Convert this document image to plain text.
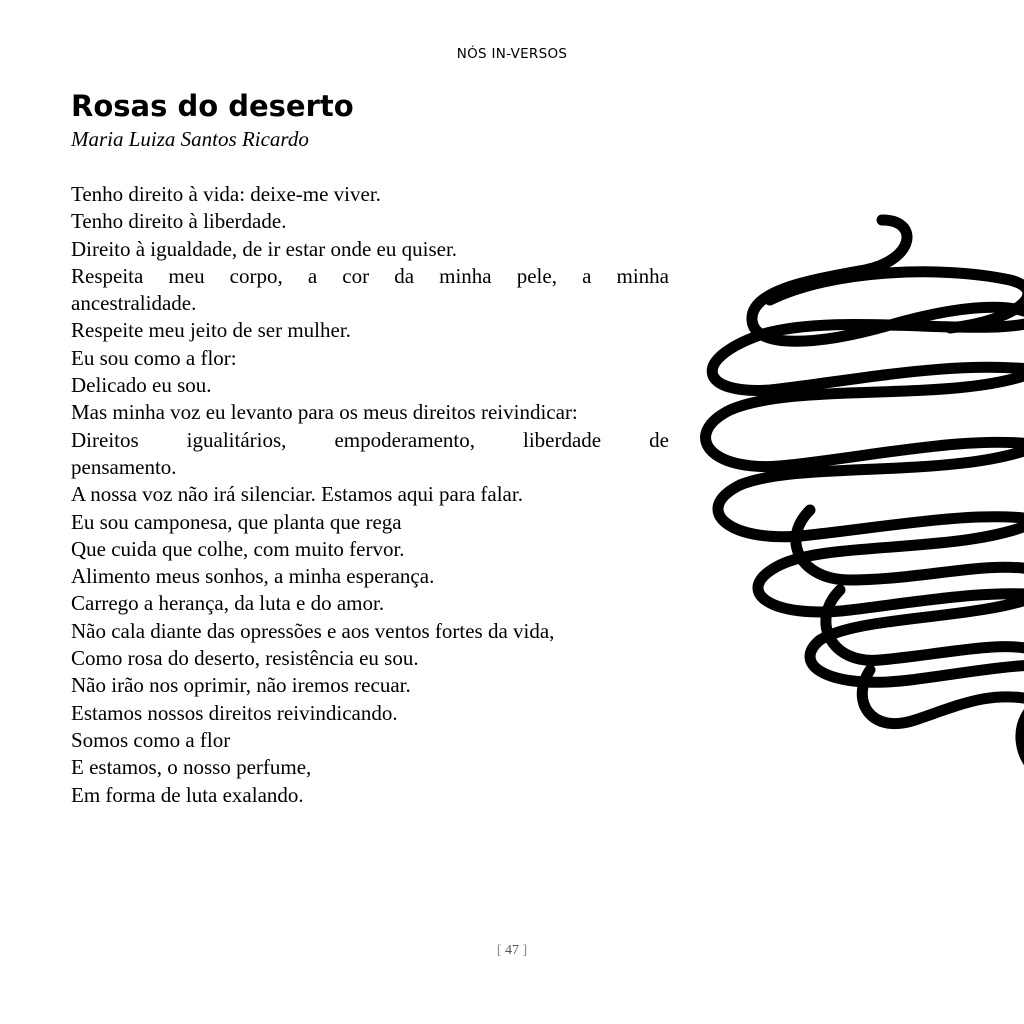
NÓS IN-VERSOS
Rosas do deserto

Maria Luiza Santos Ricardo

Tenho direito à vida: deixe-me viver.
Tenho direito à liberdade.
Direito à igualdade, de ir estar onde eu quiser.
Respeita meu corpo, a cor da minha pele, a minha
ancestralidade.
Respeite meu jeito de ser mulher.
Eu sou como a flor:
Delicado eu sou.
Mas minha voz eu levanto para os meus direitos reivindicar:
Direitos igualitários, empoderamento, liberdade de
pensamento.
A nossa voz não irá silenciar. Estamos aqui para falar.
Eu sou camponesa, que planta que rega
Que cuida que colhe, com muito fervor.
Alimento meus sonhos, a minha esperança.
Carrego a herança, da luta e do amor.
Não cala diante das opressões e aos ventos fortes da vida,
Como rosa do deserto, resistência eu sou.
Não irão nos oprimir, não iremos recuar.
Estamos nossos direitos reivindicando.
Somos como a flor
E estamos, o nosso perfume,
Em forma de luta exalando.
[ 47 ]
